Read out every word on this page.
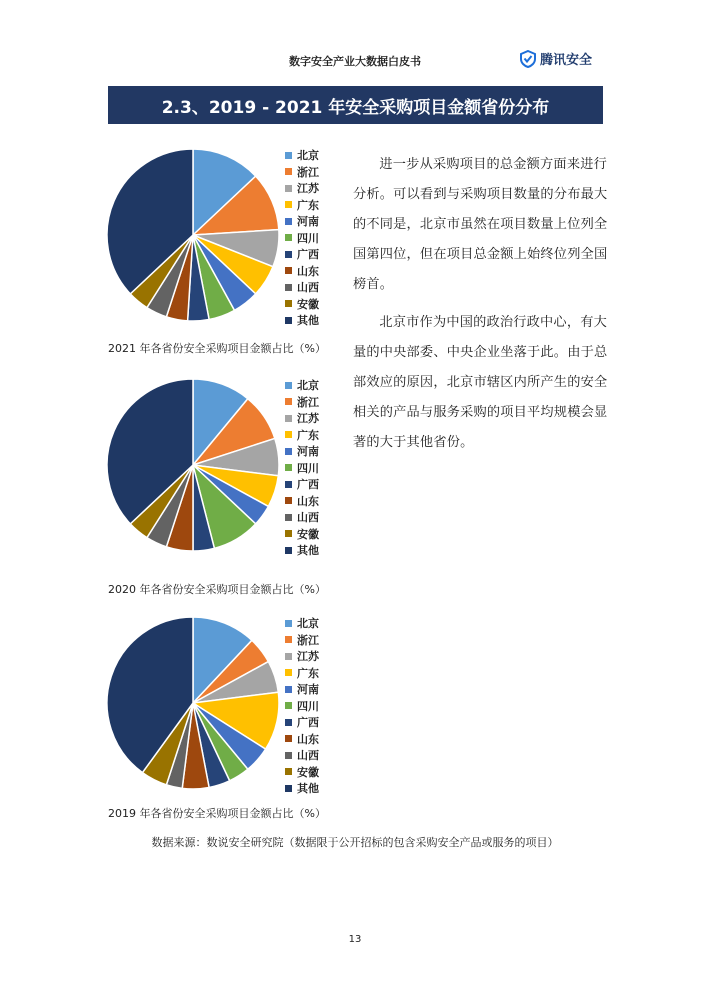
数字安全产业大数据白皮书	腾讯安全
2.3、2019 - 2021 年安全采购项目金额省份分布
北京
浙江
江苏
广东
河南
四川
广西
山东
山西
安徽
其他
2021 年各省份安全采购项目金额占比（%）
北京
浙江
江苏
广东
河南
四川
广西
山东
山西
安徽
其他
2020 年各省份安全采购项目金额占比（%）
北京
浙江
江苏
广东
河南
四川
广西
山东
山西
安徽
其他
2019 年各省份安全采购项目金额占比（%）

进一步从采购项目的总金额方面来进行分析。可以看到与采购项目数量的分布最大的不同是，北京市虽然在项目数量上位列全国第四位，但在项目总金额上始终位列全国榜首。

北京市作为中国的政治行政中心，有大量的中央部委、中央企业坐落于此。由于总部效应的原因，北京市辖区内所产生的安全相关的产品与服务采购的项目平均规模会显著的大于其他省份。

数据来源：数说安全研究院（数据限于公开招标的包含采购安全产品或服务的项目）
13
